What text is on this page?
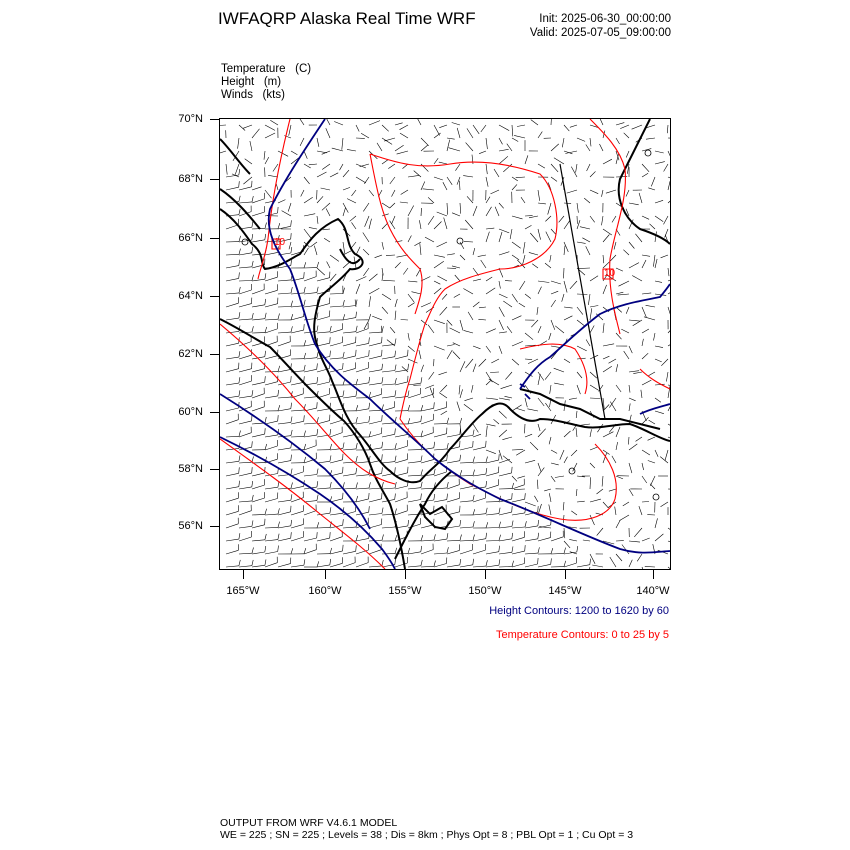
IWFAQRP Alaska Real Time WRF	Init: 2025-06-30_00:00:00
Valid: 2025-07-05_09:00:00
Temperature (C)
Height (m)
Winds (kts)
10
10
70°N
68°N
66°N
64°N
62°N
60°N
58°N
56°N
165°W	160°W	155°W	150°W	145°W	140°W
Height Contours: 1200 to 1620 by 60
Temperature Contours: 0 to 25 by 5
OUTPUT FROM WRF V4.6.1 MODEL
WE = 225 ; SN = 225 ; Levels = 38 ; Dis = 8km ; Phys Opt = 8 ; PBL Opt = 1 ; Cu Opt = 3
